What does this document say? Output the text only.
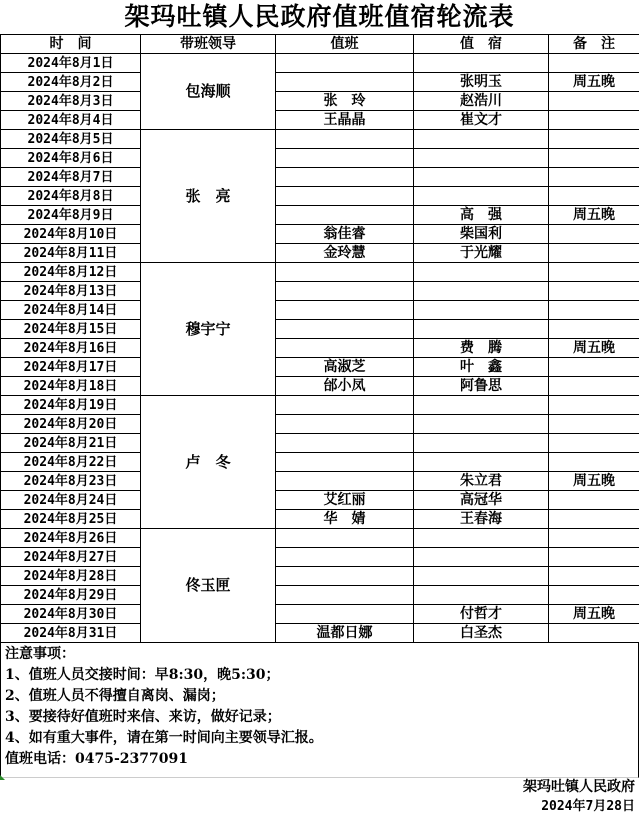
架玛吐镇人民政府值班值宿轮流表
时　间	带班领导	值班	值　宿	备　注
2024年8月1日	包海顺			
2024年8月2日			张明玉	周五晚
2024年8月3日		张　玲	赵浩川	
2024年8月4日		王晶晶	崔文才	
2024年8月5日	张　亮			
2024年8月6日				
2024年8月7日				
2024年8月8日				
2024年8月9日			高　强	周五晚
2024年8月10日		翁佳睿	柴国利	
2024年8月11日		金玲慧	于光耀	
2024年8月12日	穆宇宁			
2024年8月13日				
2024年8月14日				
2024年8月15日				
2024年8月16日			费　腾	周五晚
2024年8月17日		高淑芝	叶　鑫	
2024年8月18日		邰小凤	阿鲁思	
2024年8月19日	卢　冬			
2024年8月20日				
2024年8月21日				
2024年8月22日				
2024年8月23日			朱立君	周五晚
2024年8月24日		艾红丽	高冠华	
2024年8月25日		华　婧	王春海	
2024年8月26日	佟玉匣			
2024年8月27日				
2024年8月28日				
2024年8月29日				
2024年8月30日			付哲才	周五晚
2024年8月31日		温都日娜	白圣杰	
注意事项：
1、值班人员交接时间：早8:30，晚5:30；
2、值班人员不得擅自离岗、漏岗；
3、要接待好值班时来信、来访，做好记录；
4、如有重大事件，请在第一时间向主要领导汇报。
值班电话：0475-2377091
架玛吐镇人民政府
2024年7月28日
